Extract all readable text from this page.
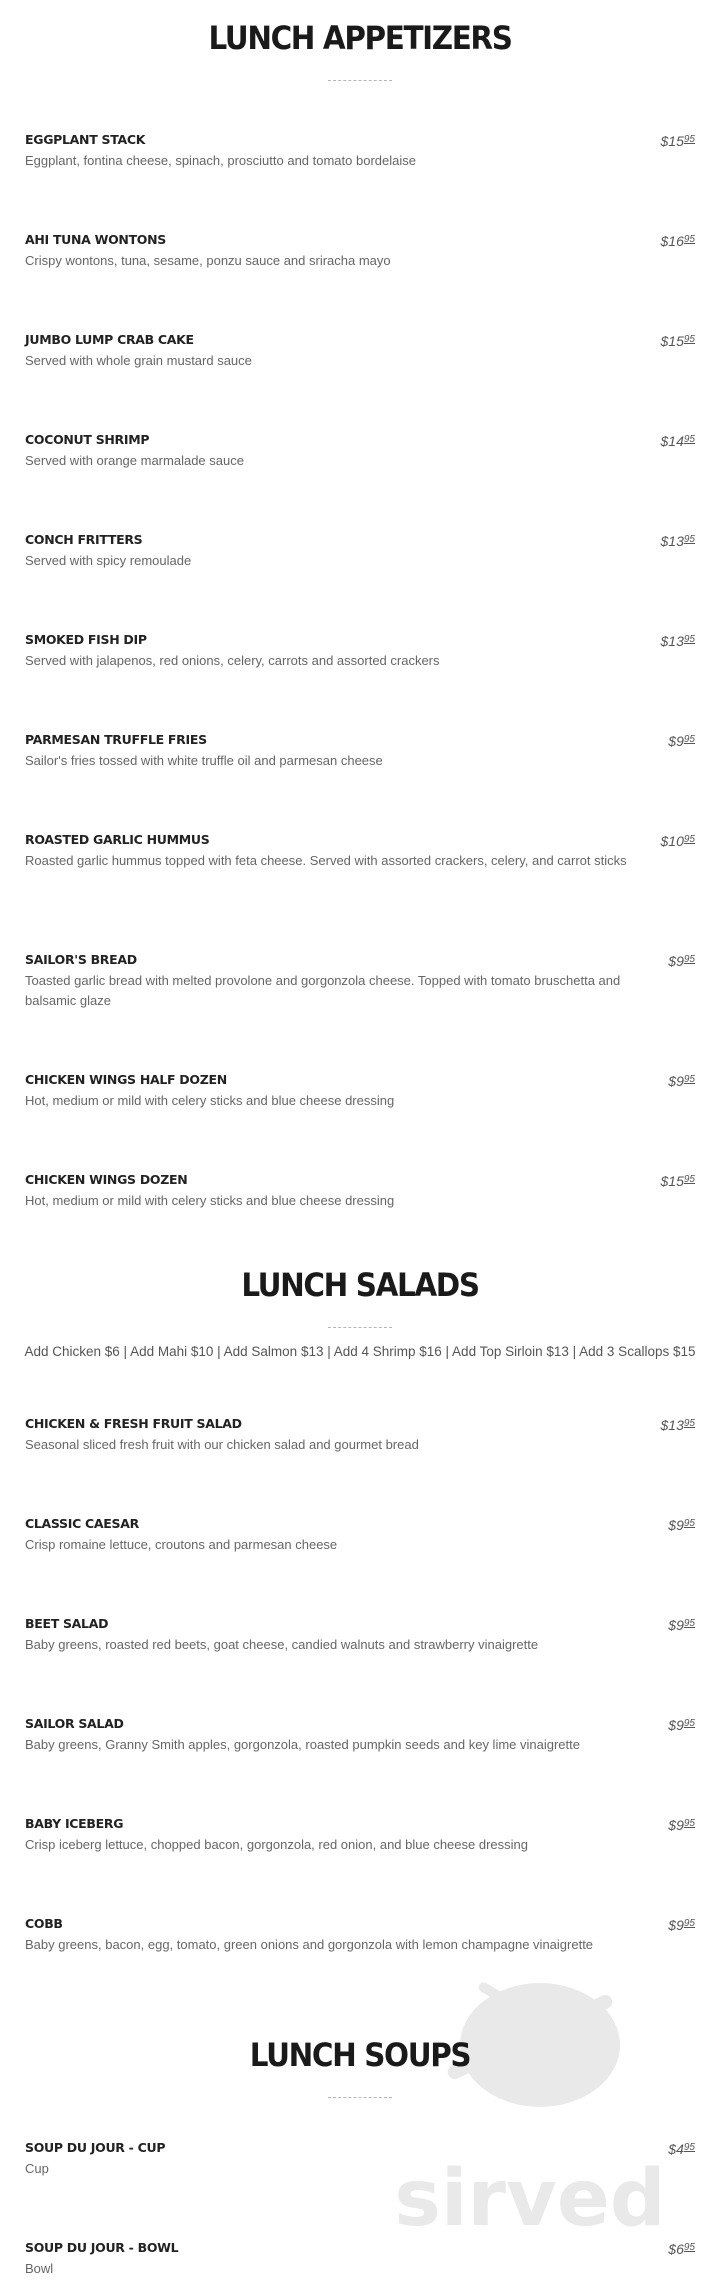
LUNCH APPETIZERS
EGGPLANT STACK
Eggplant, fontina cheese, spinach, prosciutto and tomato bordelaise
$\$15^{95}$
AHI TUNA WONTONS
Crispy wontons, tuna, sesame, ponzu sauce and sriracha mayo
$\$16^{95}$
JUMBO LUMP CRAB CAKE
Served with whole grain mustard sauce
$\$15^{95}$
COCONUT SHRIMP
Served with orange marmalade sauce
$\$14^{95}$
CONCH FRITTERS
Served with spicy remoulade
$\$13^{95}$
SMOKED FISH DIP
Served with jalapenos, red onions, celery, carrots and assorted crackers
$\$13^{95}$
PARMESAN TRUFFLE FRIES
Sailor's fries tossed with white truffle oil and parmesan cheese
$\$9^{95}$
ROASTED GARLIC HUMMUS
Roasted garlic hummus topped with feta cheese. Served with assorted crackers, celery, and carrot sticks
$\$10^{95}$
SAILOR'S BREAD
Toasted garlic bread with melted provolone and gorgonzola cheese. Topped with tomato bruschetta and balsamic glaze
$\$9^{95}$
CHICKEN WINGS HALF DOZEN
Hot, medium or mild with celery sticks and blue cheese dressing
$\$9^{95}$
CHICKEN WINGS DOZEN
Hot, medium or mild with celery sticks and blue cheese dressing
$\$15^{95}$
LUNCH SALADS
Add Chicken $6 | Add Mahi $10 | Add Salmon $13 | Add 4 Shrimp $16 | Add Top Sirloin $13 | Add 3 Scallops $15
CHICKEN & FRESH FRUIT SALAD
Seasonal sliced fresh fruit with our chicken salad and gourmet bread
$\$13^{95}$
CLASSIC CAESAR
Crisp romaine lettuce, croutons and parmesan cheese
$\$9^{95}$
BEET SALAD
Baby greens, roasted red beets, goat cheese, candied walnuts and strawberry vinaigrette
$\$9^{95}$
SAILOR SALAD
Baby greens, Granny Smith apples, gorgonzola, roasted pumpkin seeds and key lime vinaigrette
$\$9^{95}$
BABY ICEBERG
Crisp iceberg lettuce, chopped bacon, gorgonzola, red onion, and blue cheese dressing
$\$9^{95}$
COBB
Baby greens, bacon, egg, tomato, green onions and gorgonzola with lemon champagne vinaigrette
$\$9^{95}$
sirved
LUNCH SOUPS
SOUP DU JOUR - CUP
Cup
$\$4^{95}$
SOUP DU JOUR - BOWL
Bowl
$\$6^{95}$
